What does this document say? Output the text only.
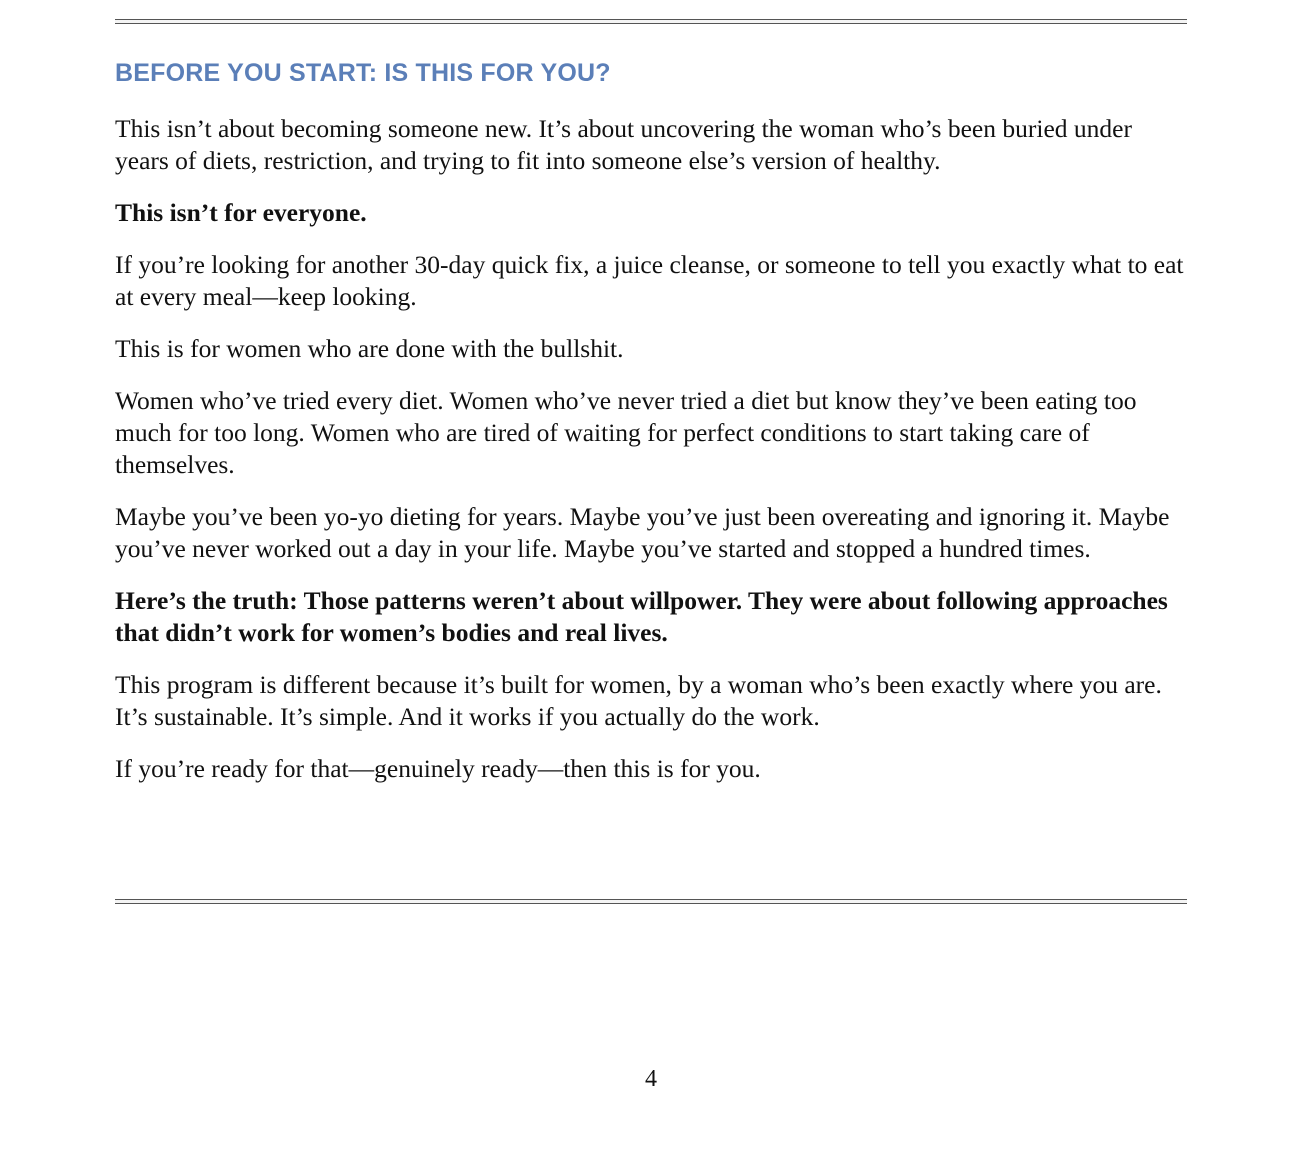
BEFORE YOU START: IS THIS FOR YOU?

This isn’t about becoming someone new. It’s about uncovering the woman who’s been buried under years of diets, restriction, and trying to fit into someone else’s version of healthy.

This isn’t for everyone.

If you’re looking for another 30-day quick fix, a juice cleanse, or someone to tell you exactly what to eat at every meal—keep looking.

This is for women who are done with the bullshit.

Women who’ve tried every diet. Women who’ve never tried a diet but know they’ve been eating too much for too long. Women who are tired of waiting for perfect conditions to start taking care of themselves.

Maybe you’ve been yo-yo dieting for years. Maybe you’ve just been overeating and ignoring it. Maybe you’ve never worked out a day in your life. Maybe you’ve started and stopped a hundred times.

Here’s the truth: Those patterns weren’t about willpower. They were about following approaches that didn’t work for women’s bodies and real lives.

This program is different because it’s built for women, by a woman who’s been exactly where you are. It’s sustainable. It’s simple. And it works if you actually do the work.

If you’re ready for that—genuinely ready—then this is for you.

4
